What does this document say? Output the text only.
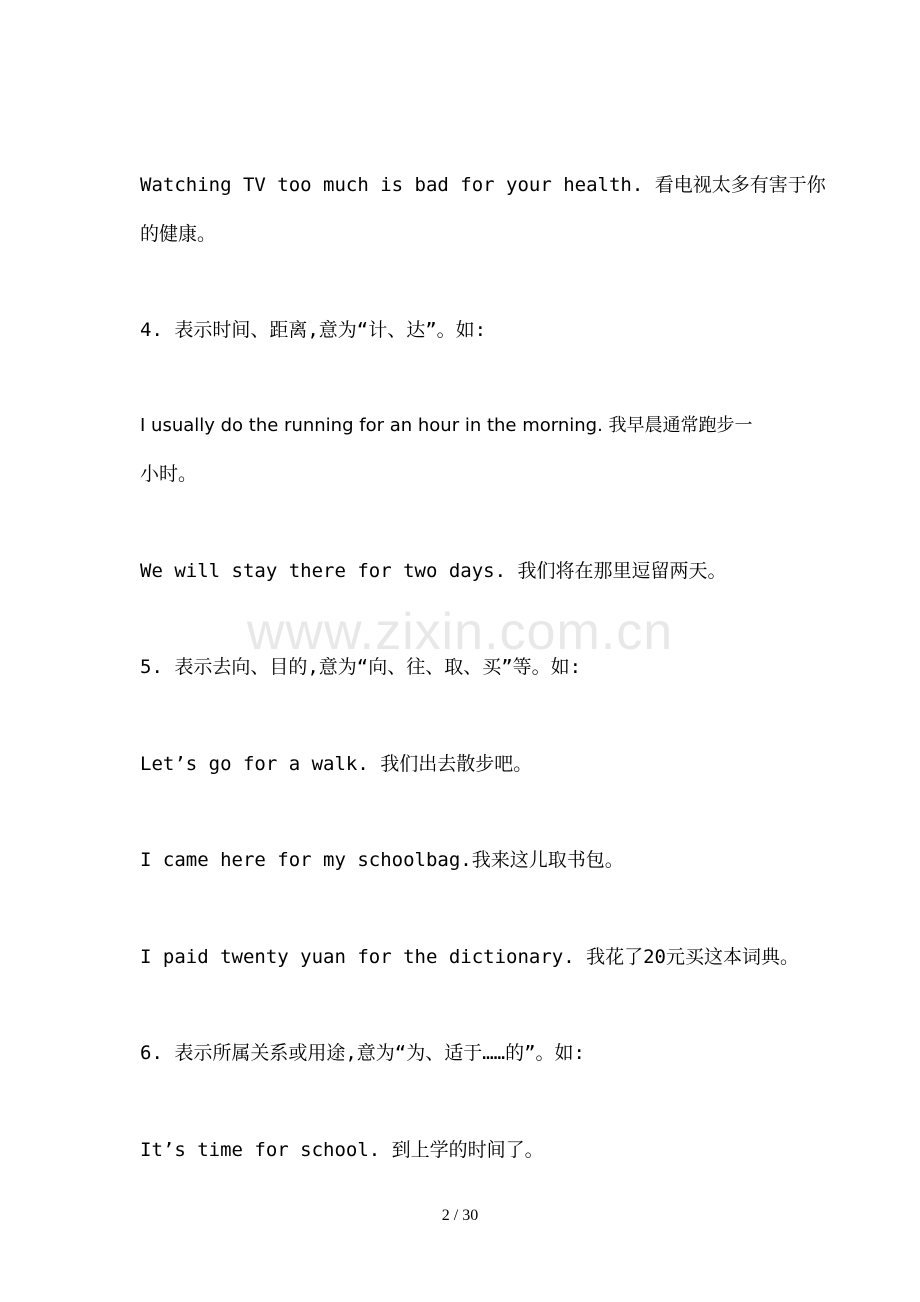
Watching TV too much is bad for your health. 看电视太多有害于你
的健康。
4. 表示时间、距离,意为“计、达”。如:
I usually do the running for an hour in the morning. 我早晨通常跑步一
小时。
We will stay there for two days. 我们将在那里逗留两天。
www.zixin.com.cn
5. 表示去向、目的,意为“向、往、取、买”等。如:
Let’s go for a walk. 我们出去散步吧。
I came here for my schoolbag.我来这儿取书包。
I paid twenty yuan for the dictionary. 我花了20元买这本词典。
6. 表示所属关系或用途,意为“为、适于……的”。如:
It’s time for school. 到上学的时间了。
2 / 30
